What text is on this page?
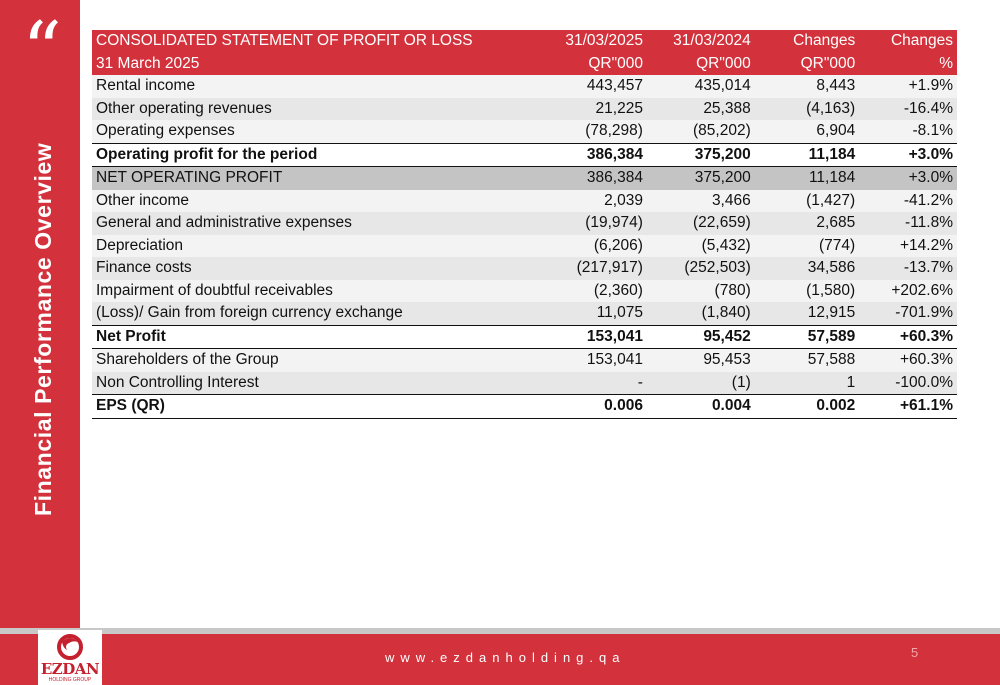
“
Financial Performance Overview
CONSOLIDATED STATEMENT OF PROFIT OR LOSS	31/03/2025	31/03/2024	Changes	Changes
31 March 2025	QR"000	QR"000	QR"000	%
Rental income	443,457	435,014	8,443	+1.9%
Other operating revenues	21,225	25,388	(4,163)	-16.4%
Operating expenses	(78,298)	(85,202)	6,904	-8.1%
Operating profit for the period	386,384	375,200	11,184	+3.0%
NET OPERATING PROFIT	386,384	375,200	11,184	+3.0%
Other income	2,039	3,466	(1,427)	-41.2%
General and administrative expenses	(19,974)	(22,659)	2,685	-11.8%
Depreciation	(6,206)	(5,432)	(774)	+14.2%
Finance costs	(217,917)	(252,503)	34,586	-13.7%
Impairment of doubtful receivables	(2,360)	(780)	(1,580)	+202.6%
(Loss)/ Gain from foreign currency exchange	11,075	(1,840)	12,915	-701.9%
Net Profit	153,041	95,452	57,589	+60.3%
Shareholders of the Group	153,041	95,453	57,588	+60.3%
Non Controlling Interest	-	(1)	1	-100.0%
EPS (QR)	0.006	0.004	0.002	+61.1%
EZDAN
HOLDING GROUP
www.ezdanholding.qa	5
